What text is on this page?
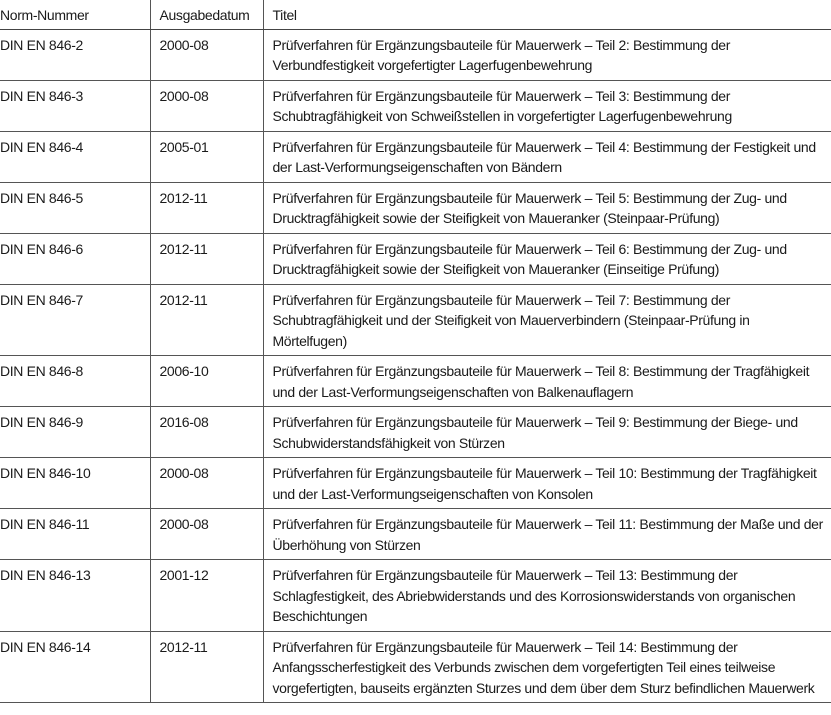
Norm-Nummer	Ausgabedatum	Titel
DIN EN 846-2	2000-08	Prüfverfahren für Ergänzungsbauteile für Mauerwerk – Teil 2: Bestimmung der Verbundfestigkeit vorgefertigter Lagerfugenbewehrung
DIN EN 846-3	2000-08	Prüfverfahren für Ergänzungsbauteile für Mauerwerk – Teil 3: Bestimmung der Schubtragfähigkeit von Schweißstellen in vorgefertigter Lagerfugenbewehrung
DIN EN 846-4	2005-01	Prüfverfahren für Ergänzungsbauteile für Mauerwerk – Teil 4: Bestimmung der Festigkeit und der Last-Verformungseigenschaften von Bändern
DIN EN 846-5	2012-11	Prüfverfahren für Ergänzungsbauteile für Mauerwerk – Teil 5: Bestimmung der Zug- und Drucktragfähigkeit sowie der Steifigkeit von Maueranker (Steinpaar-Prüfung)
DIN EN 846-6	2012-11	Prüfverfahren für Ergänzungsbauteile für Mauerwerk – Teil 6: Bestimmung der Zug- und Drucktragfähigkeit sowie der Steifigkeit von Maueranker (Einseitige Prüfung)
DIN EN 846-7	2012-11	Prüfverfahren für Ergänzungsbauteile für Mauerwerk – Teil 7: Bestimmung der Schubtragfähigkeit und der Steifigkeit von Mauerverbindern (Steinpaar-Prüfung in Mörtelfugen)
DIN EN 846-8	2006-10	Prüfverfahren für Ergänzungsbauteile für Mauerwerk – Teil 8: Bestimmung der Tragfähigkeit und der Last-Verformungseigenschaften von Balkenauflagern
DIN EN 846-9	2016-08	Prüfverfahren für Ergänzungsbauteile für Mauerwerk – Teil 9: Bestimmung der Biege- und Schubwiderstandsfähigkeit von Stürzen
DIN EN 846-10	2000-08	Prüfverfahren für Ergänzungsbauteile für Mauerwerk – Teil 10: Bestimmung der Tragfähigkeit und der Last-Verformungseigenschaften von Konsolen
DIN EN 846-11	2000-08	Prüfverfahren für Ergänzungsbauteile für Mauerwerk – Teil 11: Bestimmung der Maße und der Überhöhung von Stürzen
DIN EN 846-13	2001-12	Prüfverfahren für Ergänzungsbauteile für Mauerwerk – Teil 13: Bestimmung der Schlagfestigkeit, des Abriebwiderstands und des Korrosionswiderstands von organischen Beschichtungen
DIN EN 846-14	2012-11	Prüfverfahren für Ergänzungsbauteile für Mauerwerk – Teil 14: Bestimmung der Anfangsscherfestigkeit des Verbunds zwischen dem vorgefertigten Teil eines teilweise vorgefertigten, bauseits ergänzten Sturzes und dem über dem Sturz befindlichen Mauerwerk
